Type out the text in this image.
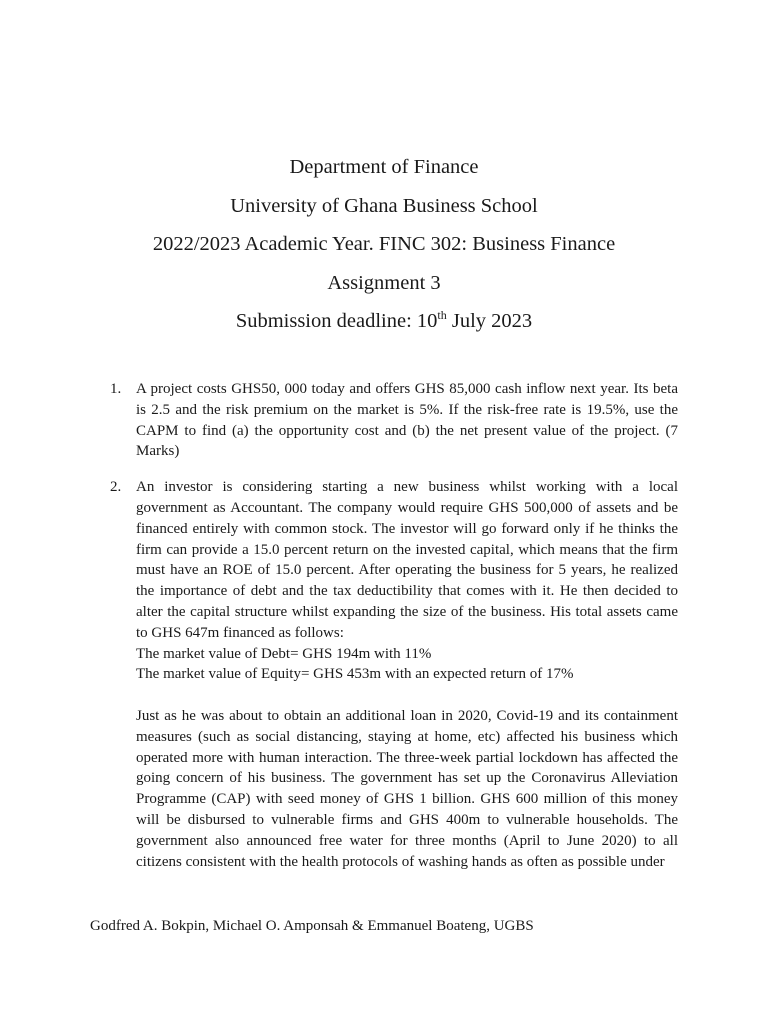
Department of Finance
University of Ghana Business School
2022/2023 Academic Year. FINC 302: Business Finance
Assignment 3
Submission deadline: 10th July 2023
1. A project costs GHS50, 000 today and offers GHS 85,000 cash inflow next year. Its beta is 2.5 and the risk premium on the market is 5%. If the risk-free rate is 19.5%, use the CAPM to find (a) the opportunity cost and (b) the net present value of the project. (7 Marks)

2. An investor is considering starting a new business whilst working with a local government as Accountant. The company would require GHS 500,000 of assets and be financed entirely with common stock. The investor will go forward only if he thinks the firm can provide a 15.0 percent return on the invested capital, which means that the firm must have an ROE of 15.0 percent. After operating the business for 5 years, he realized the importance of debt and the tax deductibility that comes with it. He then decided to alter the capital structure whilst expanding the size of the business. His total assets came to GHS 647m financed as follows:

The market value of Debt= GHS 194m with 11%
The market value of Equity= GHS 453m with an expected return of 17%

Just as he was about to obtain an additional loan in 2020, Covid-19 and its containment measures (such as social distancing, staying at home, etc) affected his business which operated more with human interaction. The three-week partial lockdown has affected the going concern of his business. The government has set up the Coronavirus Alleviation Programme (CAP) with seed money of GHS 1 billion. GHS 600 million of this money will be disbursed to vulnerable firms and GHS 400m to vulnerable households. The government also announced free water for three months (April to June 2020) to all citizens consistent with the health protocols of washing hands as often as possible under

Godfred A. Bokpin, Michael O. Amponsah & Emmanuel Boateng, UGBS
